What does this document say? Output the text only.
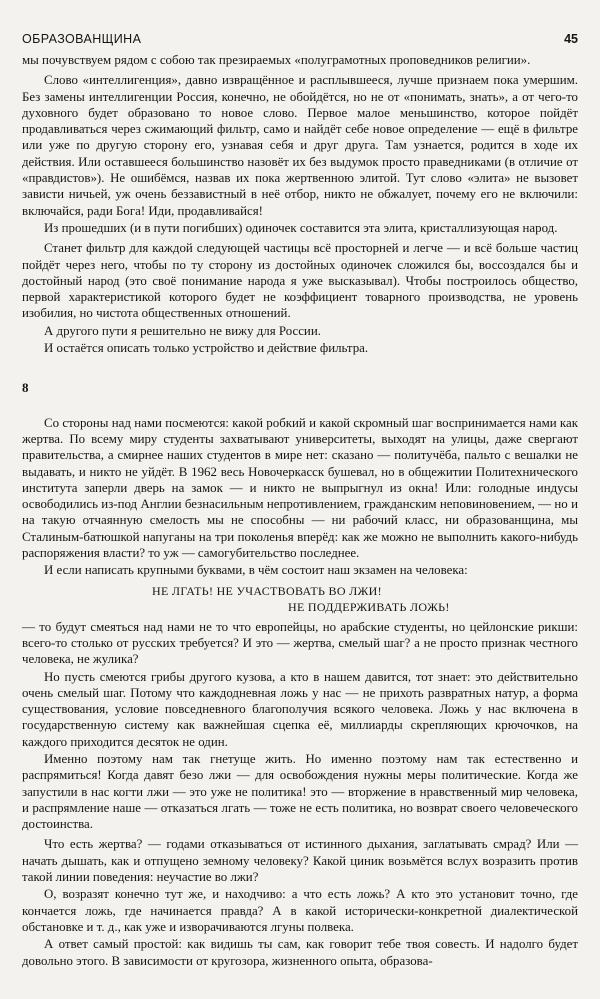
ОБРАЗОВАНЩИНА	45

мы почувствуем рядом с собою так презираемых «полуграмотных проповедников религии».

Слово «интеллигенция», давно извращённое и расплывшееся, лучше признаем пока умершим. Без замены интеллигенции Россия, конечно, не обойдётся, но не от «понимать, знать», а от чего-то духовного будет образовано то новое слово. Первое малое меньшинство, которое пойдёт продавливаться через сжимающий фильтр, само и найдёт себе новое определение — ещё в фильтре или уже по другую сторону его, узнавая себя и друг друга. Там узнается, родится в ходе их действия. Или оставшееся большинство назовёт их без выдумок просто праведниками (в отличие от «правдистов»). Не ошибёмся, назвав их пока жертвенною элитой. Тут слово «элита» не вызовет зависти ничьей, уж очень беззавистный в неё отбор, никто не обжалует, почему его не включили: включайся, ради Бога! Иди, продавливайся!

Из прошедших (и в пути погибших) одиночек составится эта элита, кристаллизующая народ.

Станет фильтр для каждой следующей частицы всё просторней и легче — и всё больше частиц пойдёт через него, чтобы по ту сторону из достойных одиночек сложился бы, воссоздался бы и достойный народ (это своё понимание народа я уже высказывал). Чтобы построилось общество, первой характеристикой которого будет не коэффициент товарного производства, не уровень изобилия, но чистота общественных отношений.

А другого пути я решительно не вижу для России.

И остаётся описать только устройство и действие фильтра.

8

Со стороны над нами посмеются: какой робкий и какой скромный шаг воспринимается нами как жертва. По всему миру студенты захватывают университеты, выходят на улицы, даже свергают правительства, а смирнее наших студентов в мире нет: сказано — политучёба, пальто с вешалки не выдавать, и никто не уйдёт. В 1962 весь Новочеркасск бушевал, но в общежитии Политехнического института заперли дверь на замок — и никто не выпрыгнул из окна! Или: голодные индусы освободились из-под Англии безнасильным непротивлением, гражданским неповиновением, — но и на такую отчаянную смелость мы не способны — ни рабочий класс, ни образованщина, мы Сталиным-батюшкой напуганы на три поколенья вперёд: как же можно не выполнить какого-нибудь распоряжения власти? то уж — самогубительство последнее.

И если написать крупными буквами, в чём состоит наш экзамен на человека:

НЕ ЛГАТЬ! НЕ УЧАСТВОВАТЬ ВО ЛЖИ!
НЕ ПОДДЕРЖИВАТЬ ЛОЖЬ!

— то будут смеяться над нами не то что европейцы, но арабские студенты, но цейлонские рикши: всего-то столько от русских требуется? И это — жертва, смелый шаг? а не просто признак честного человека, не жулика?

Но пусть смеются грибы другого кузова, а кто в нашем давится, тот знает: это действительно очень смелый шаг. Потому что каждодневная ложь у нас — не прихоть развратных натур, а форма существования, условие повседневного благополучия всякого человека. Ложь у нас включена в государственную систему как важнейшая сцепка её, миллиарды скрепляющих крючочков, на каждого приходится десяток не один.

Именно поэтому нам так гнетуще жить. Но именно поэтому нам так естественно и распрямиться! Когда давят безо лжи — для освобождения нужны меры политические. Когда же запустили в нас когти лжи — это уже не политика! это — вторжение в нравственный мир человека, и распрямление наше — отказаться лгать — тоже не есть политика, но возврат своего человеческого достоинства.

Что есть жертва? — годами отказываться от истинного дыхания, заглатывать смрад? Или — начать дышать, как и отпущено земному человеку? Какой циник возьмётся вслух возразить против такой линии поведения: неучастие во лжи?

О, возразят конечно тут же, и находчиво: а что есть ложь? А кто это установит точно, где кончается ложь, где начинается правда? А в какой исторически-конкретной диалектической обстановке и т. д., как уже и изворачиваются лгуны полвека.

А ответ самый простой: как видишь ты сам, как говорит тебе твоя совесть. И надолго будет довольно этого. В зависимости от кругозора, жизненного опыта, образова-
